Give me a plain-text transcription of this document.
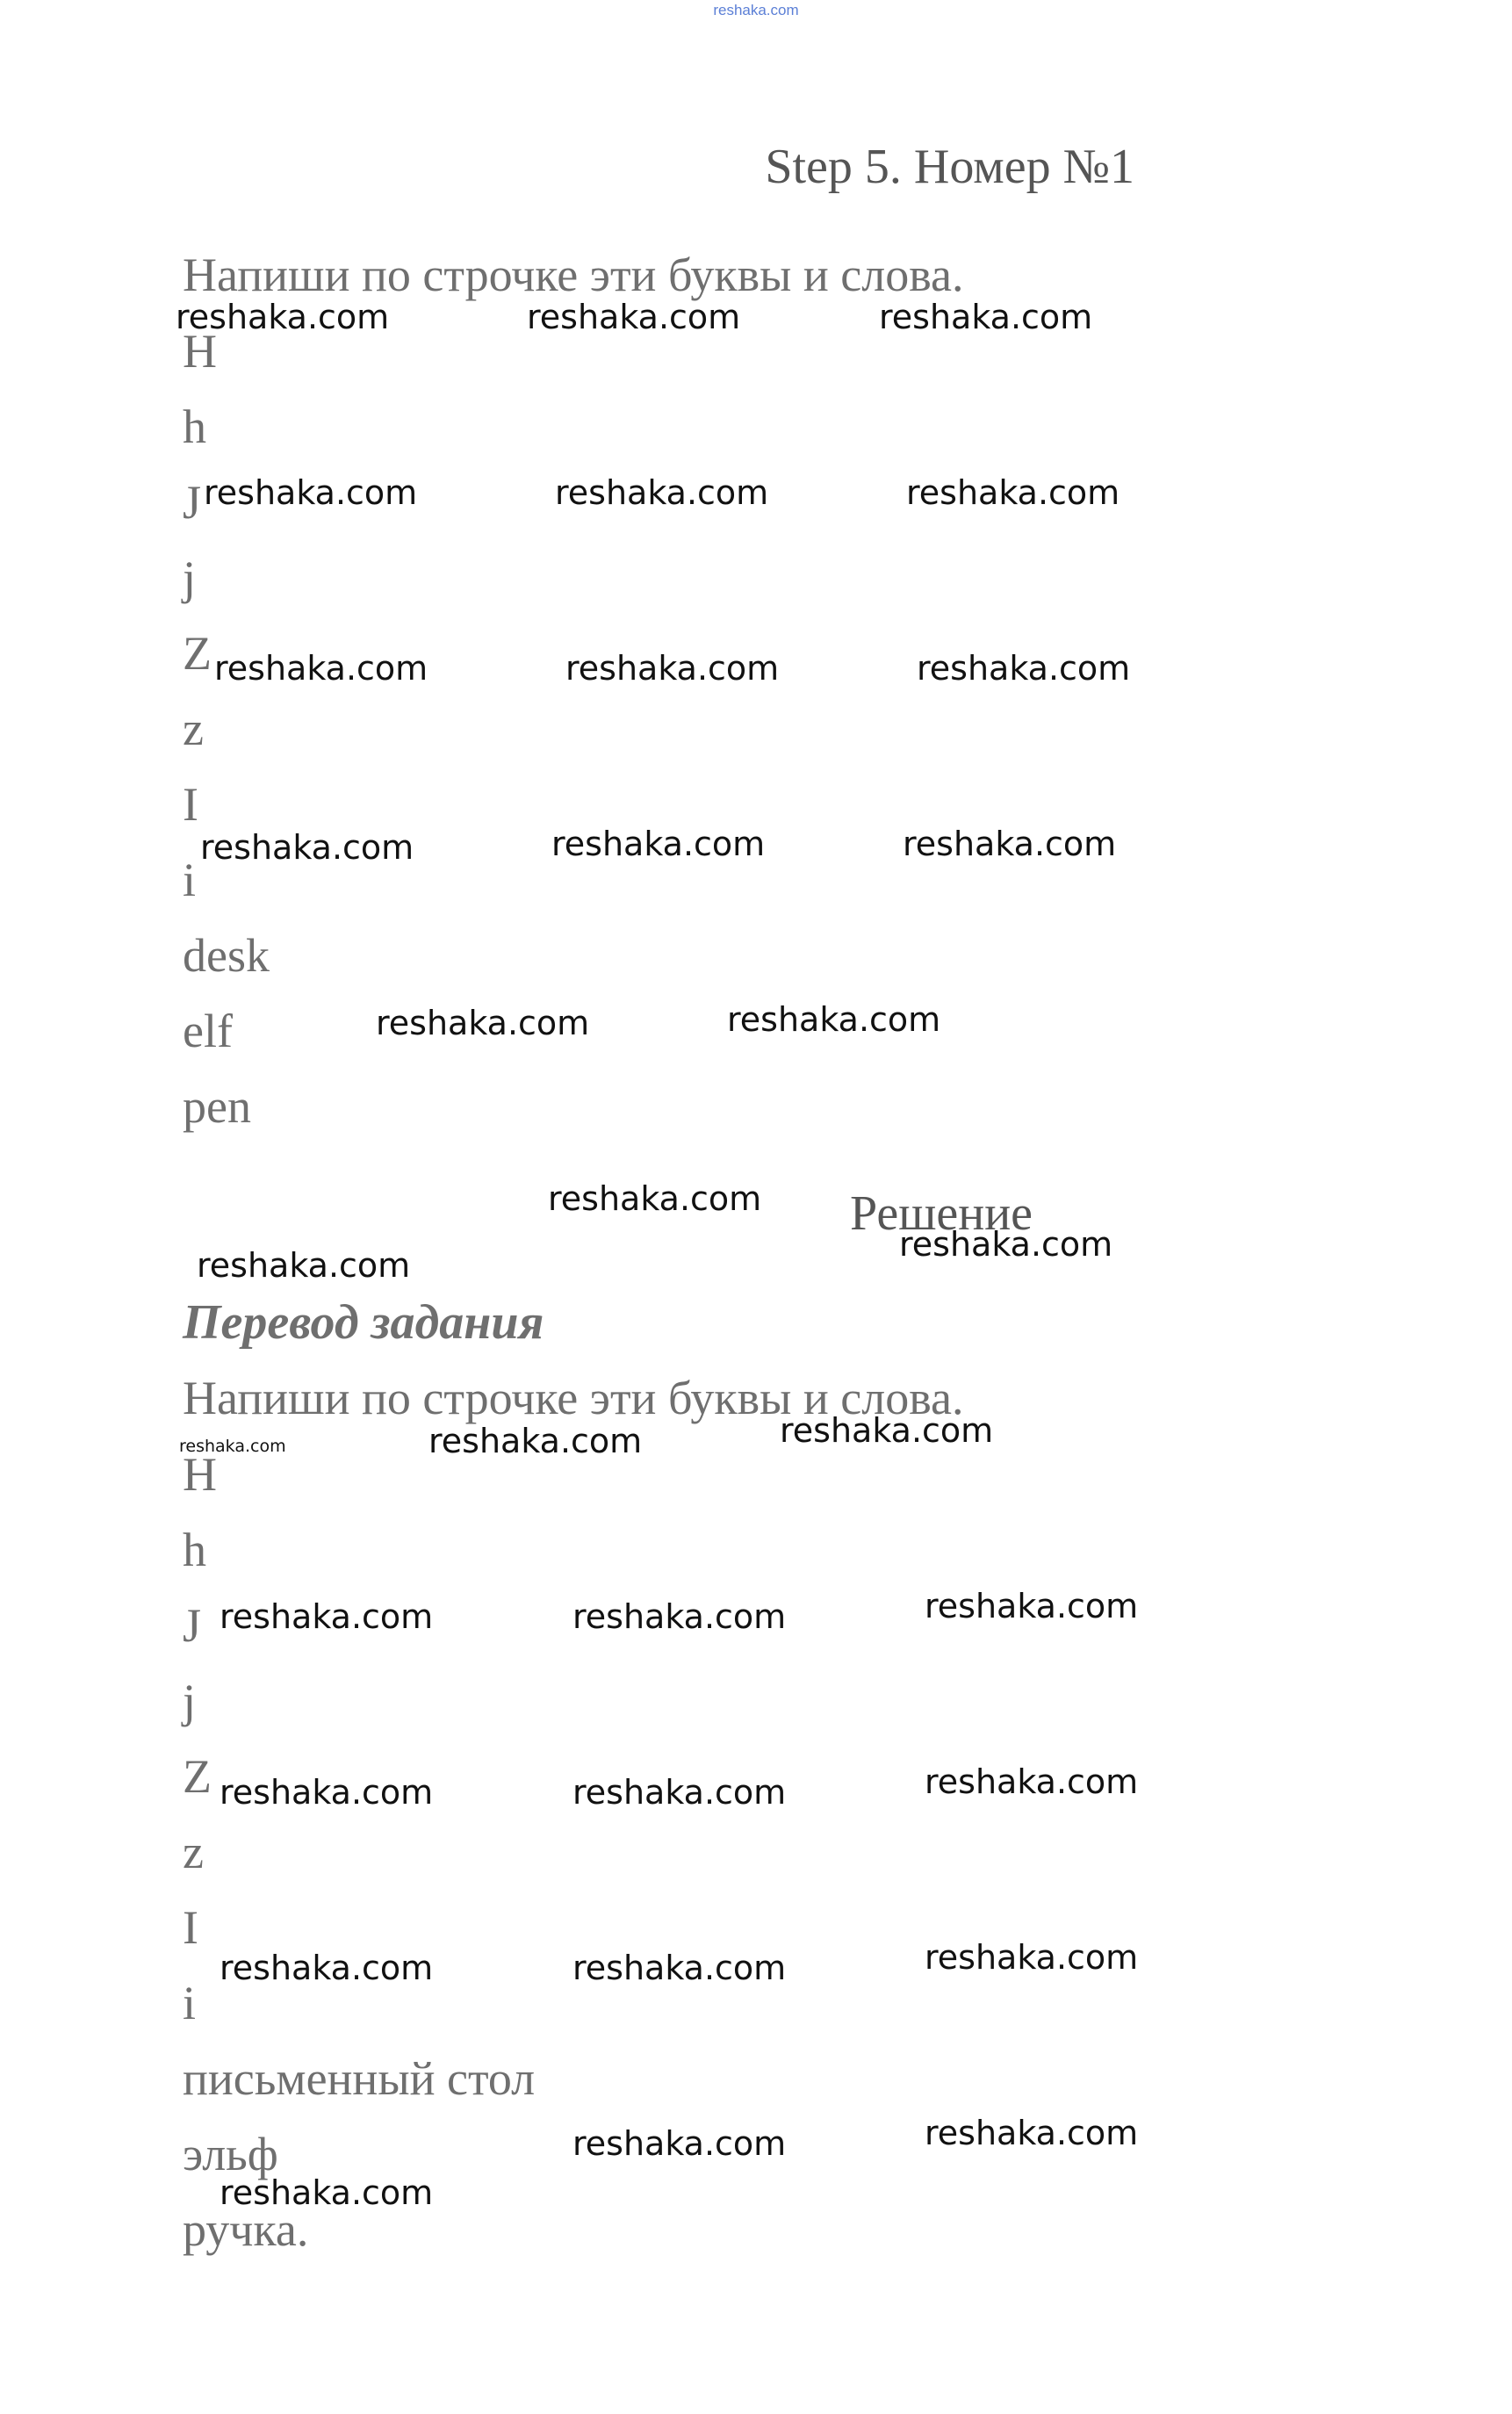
reshaka.com
Step 5. Номер №1
Напиши по строчке эти буквы и слова.
H
h
J
j
Z
z
I
i
desk
elf
pen
Решение
Перевод задания
Напиши по строчке эти буквы и слова.
H
h
J
j
Z
z
I
i
письменный стол
эльф
ручка.
reshaka.com	reshaka.com	reshaka.com
reshaka.com	reshaka.com	reshaka.com
reshaka.com	reshaka.com	reshaka.com
reshaka.com	reshaka.com	reshaka.com
reshaka.com	reshaka.com
reshaka.com
reshaka.com
reshaka.com
reshaka.com	reshaka.com	reshaka.com
reshaka.com	reshaka.com	reshaka.com
reshaka.com	reshaka.com	reshaka.com
reshaka.com	reshaka.com	reshaka.com
reshaka.com	reshaka.com
reshaka.com
